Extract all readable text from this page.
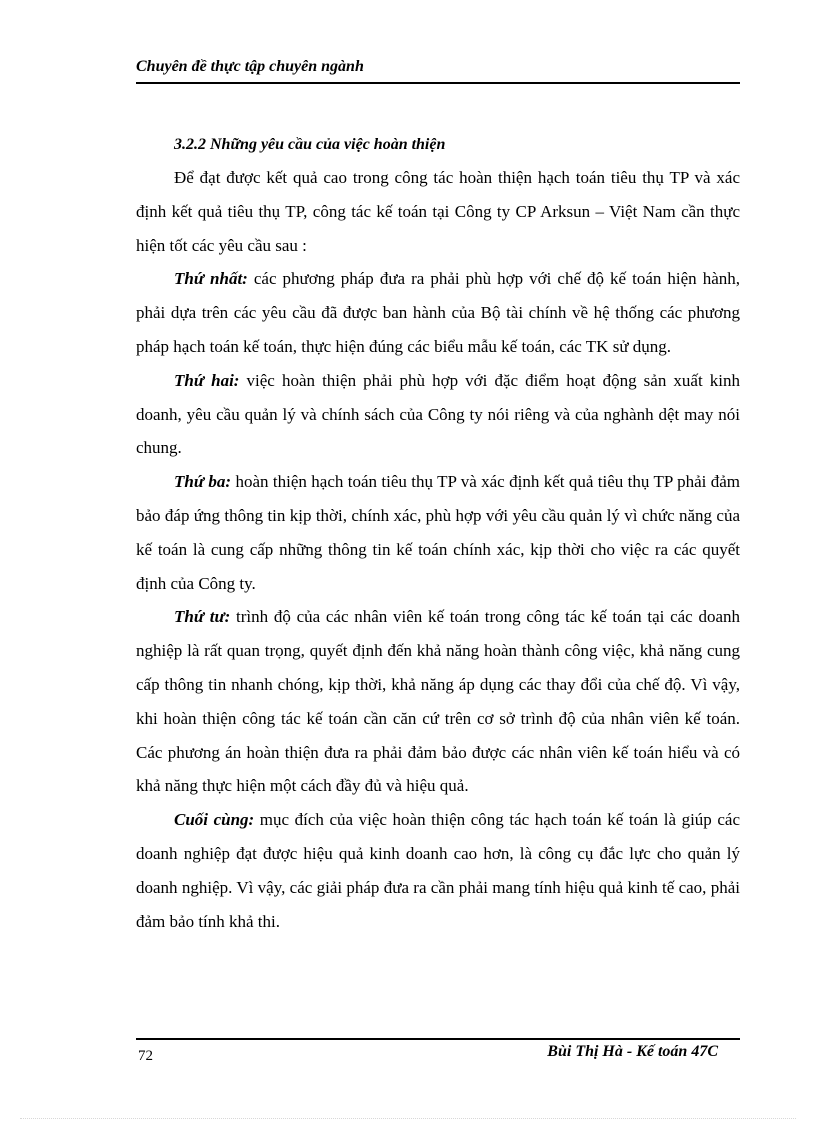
Chuyên đề thực tập chuyên ngành
3.2.2 Những yêu cầu của việc hoàn thiện

Để đạt được kết quả cao trong công tác hoàn thiện hạch toán tiêu thụ TP và xác định kết quả tiêu thụ TP, công tác kế toán tại Công ty CP Arksun – Việt Nam cần thực hiện tốt các yêu cầu sau :

Thứ nhất: các phương pháp đưa ra phải phù hợp với chế độ kế toán hiện hành, phải dựa trên các yêu cầu đã được ban hành của Bộ tài chính về hệ thống các phương pháp hạch toán kế toán, thực hiện đúng các biểu mẫu kế toán, các TK sử dụng.

Thứ hai: việc hoàn thiện phải phù hợp với đặc điểm hoạt động sản xuất kinh doanh, yêu cầu quản lý và chính sách của Công ty nói riêng và của nghành dệt may nói chung.

Thứ ba: hoàn thiện hạch toán tiêu thụ TP và xác định kết quả tiêu thụ TP phải đảm bảo đáp ứng thông tin kịp thời, chính xác, phù hợp với yêu cầu quản lý vì chức năng của kế toán là cung cấp những thông tin kế toán chính xác, kịp thời cho việc ra các quyết định của Công ty.

Thứ tư: trình độ của các nhân viên kế toán trong công tác kế toán tại các doanh nghiệp là rất quan trọng, quyết định đến khả năng hoàn thành công việc, khả năng cung cấp thông tin nhanh chóng, kịp thời, khả năng áp dụng các thay đổi của chế độ. Vì vậy, khi hoàn thiện công tác kế toán cần căn cứ trên cơ sở trình độ của nhân viên kế toán. Các phương án hoàn thiện đưa ra phải đảm bảo được các nhân viên kế toán hiểu và có khả năng thực hiện một cách đầy đủ và hiệu quả.

Cuối cùng: mục đích của việc hoàn thiện công tác hạch toán kế toán là giúp các doanh nghiệp đạt được hiệu quả kinh doanh cao hơn, là công cụ đắc lực cho quản lý doanh nghiệp. Vì vậy, các giải pháp đưa ra cần phải mang tính hiệu quả kinh tế cao, phải đảm bảo tính khả thi.

72	Bùi Thị Hà - Kế toán 47C
